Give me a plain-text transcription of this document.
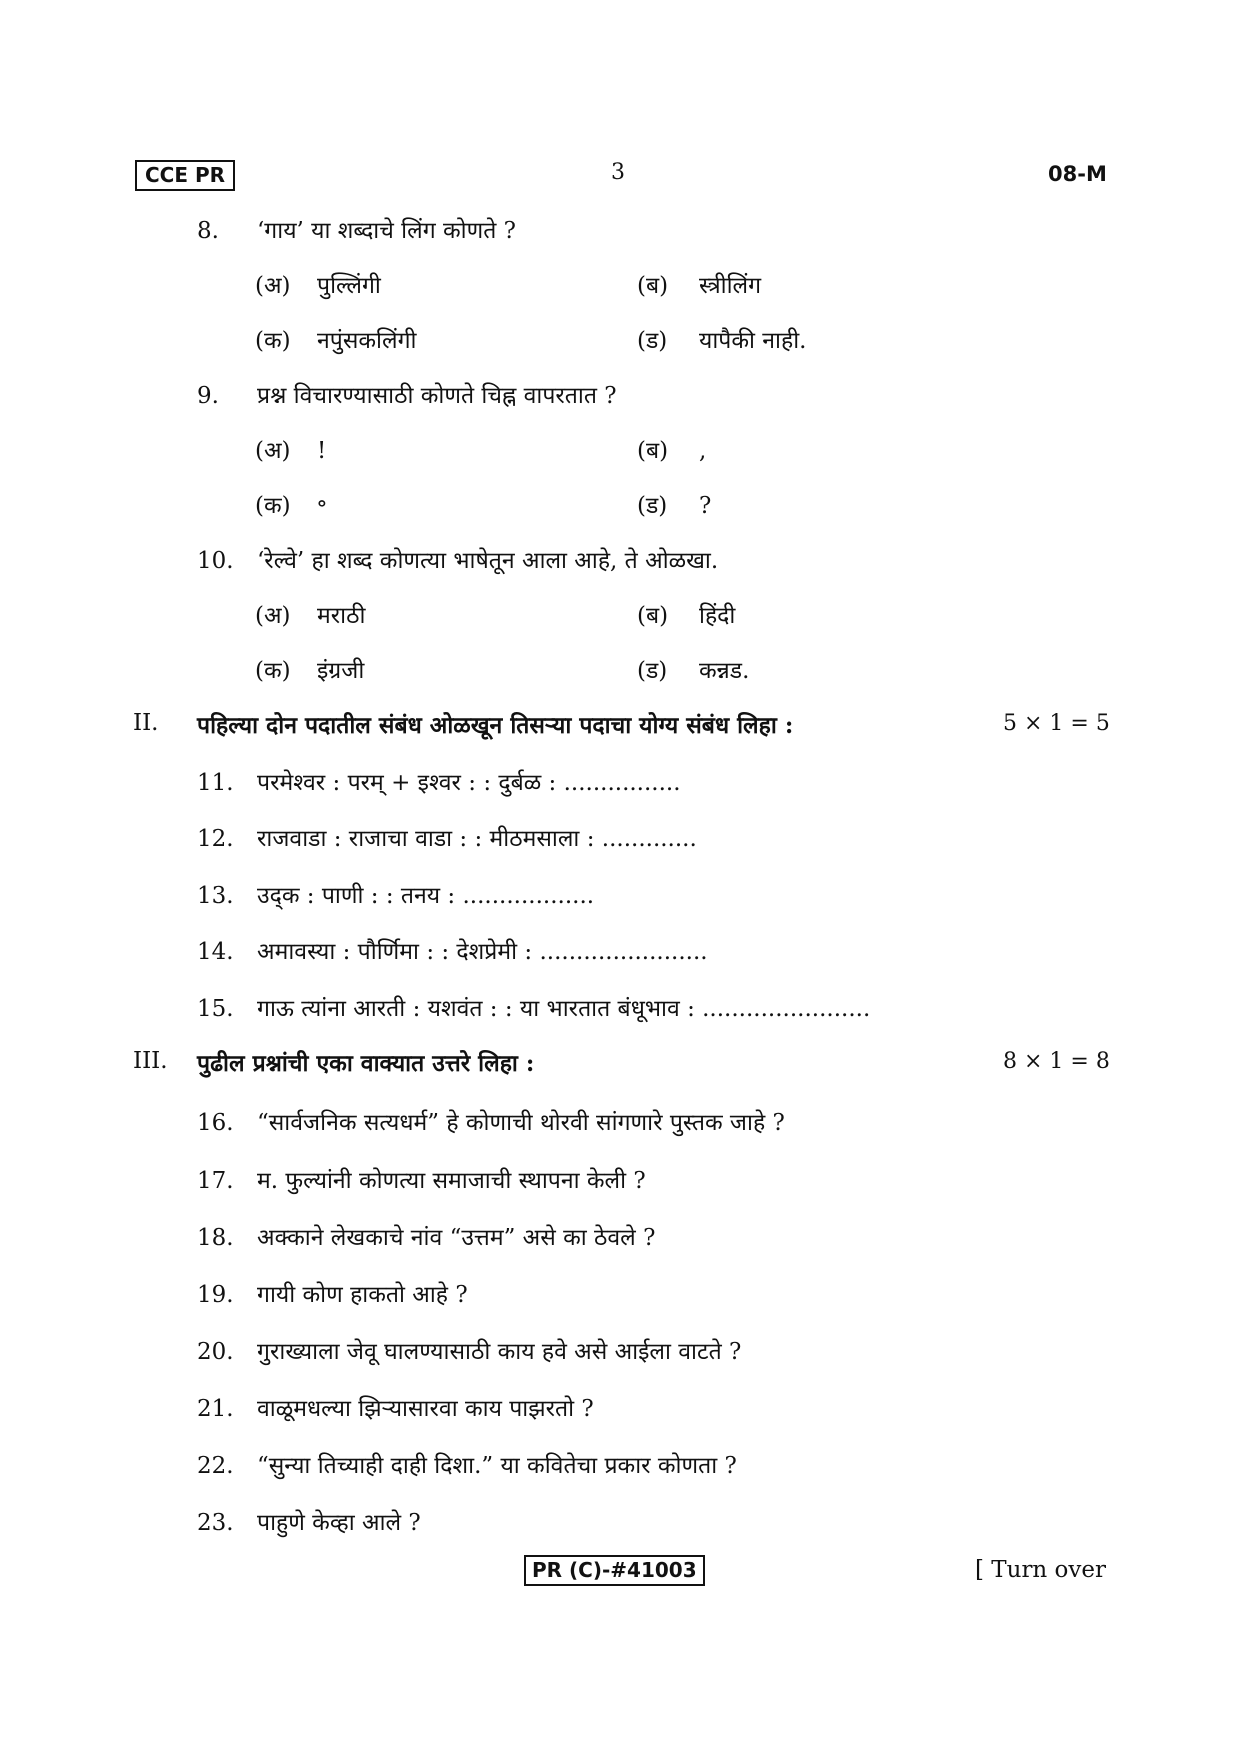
CCE PR	3	08-M
8. ‘गाय’ या शब्दाचे लिंग कोणते ?
(अ) पुल्लिंगी	(ब) स्त्रीलिंग
(क) नपुंसकलिंगी	(ड) यापैकी नाही.
9. प्रश्न विचारण्यासाठी कोणते चिह्न वापरतात ?
(अ) !	(ब) ,
(क) ॰	(ड) ?
10. ‘रेल्वे’ हा शब्द कोणत्या भाषेतून आला आहे, ते ओळखा.
(अ) मराठी	(ब) हिंदी
(क) इंग्रजी	(ड) कन्नड.
II. पहिल्या दोन पदातील संबंध ओळखून तिसऱ्या पदाचा योग्य संबंध लिहा :	5 × 1 = 5
11. परमेश्वर : परम् + इश्वर : : दुर्बळ : ................
12. राजवाडा : राजाचा वाडा : : मीठमसाला : .............
13. उद्क : पाणी : : तनय : ..................
14. अमावस्या : पौर्णिमा : : देशप्रेमी : .......................
15. गाऊ त्यांना आरती : यशवंत : : या भारतात बंधूभाव : .......................
III. पुढील प्रश्नांची एका वाक्यात उत्तरे लिहा :	8 × 1 = 8
16. “सार्वजनिक सत्यधर्म” हे कोणाची थोरवी सांगणारे पुस्तक जाहे ?
17. म. फुल्यांनी कोणत्या समाजाची स्थापना केली ?
18. अक्काने लेखकाचे नांव “उत्तम” असे का ठेवले ?
19. गायी कोण हाकतो आहे ?
20. गुराख्याला जेवू घालण्यासाठी काय हवे असे आईला वाटते ?
21. वाळूमधल्या झिऱ्यासारवा काय पाझरतो ?
22. “सुन्या तिच्याही दाही दिशा.” या कवितेचा प्रकार कोणता ?
23. पाहुणे केव्हा आले ?
PR (C)-#41003	[ Turn over
